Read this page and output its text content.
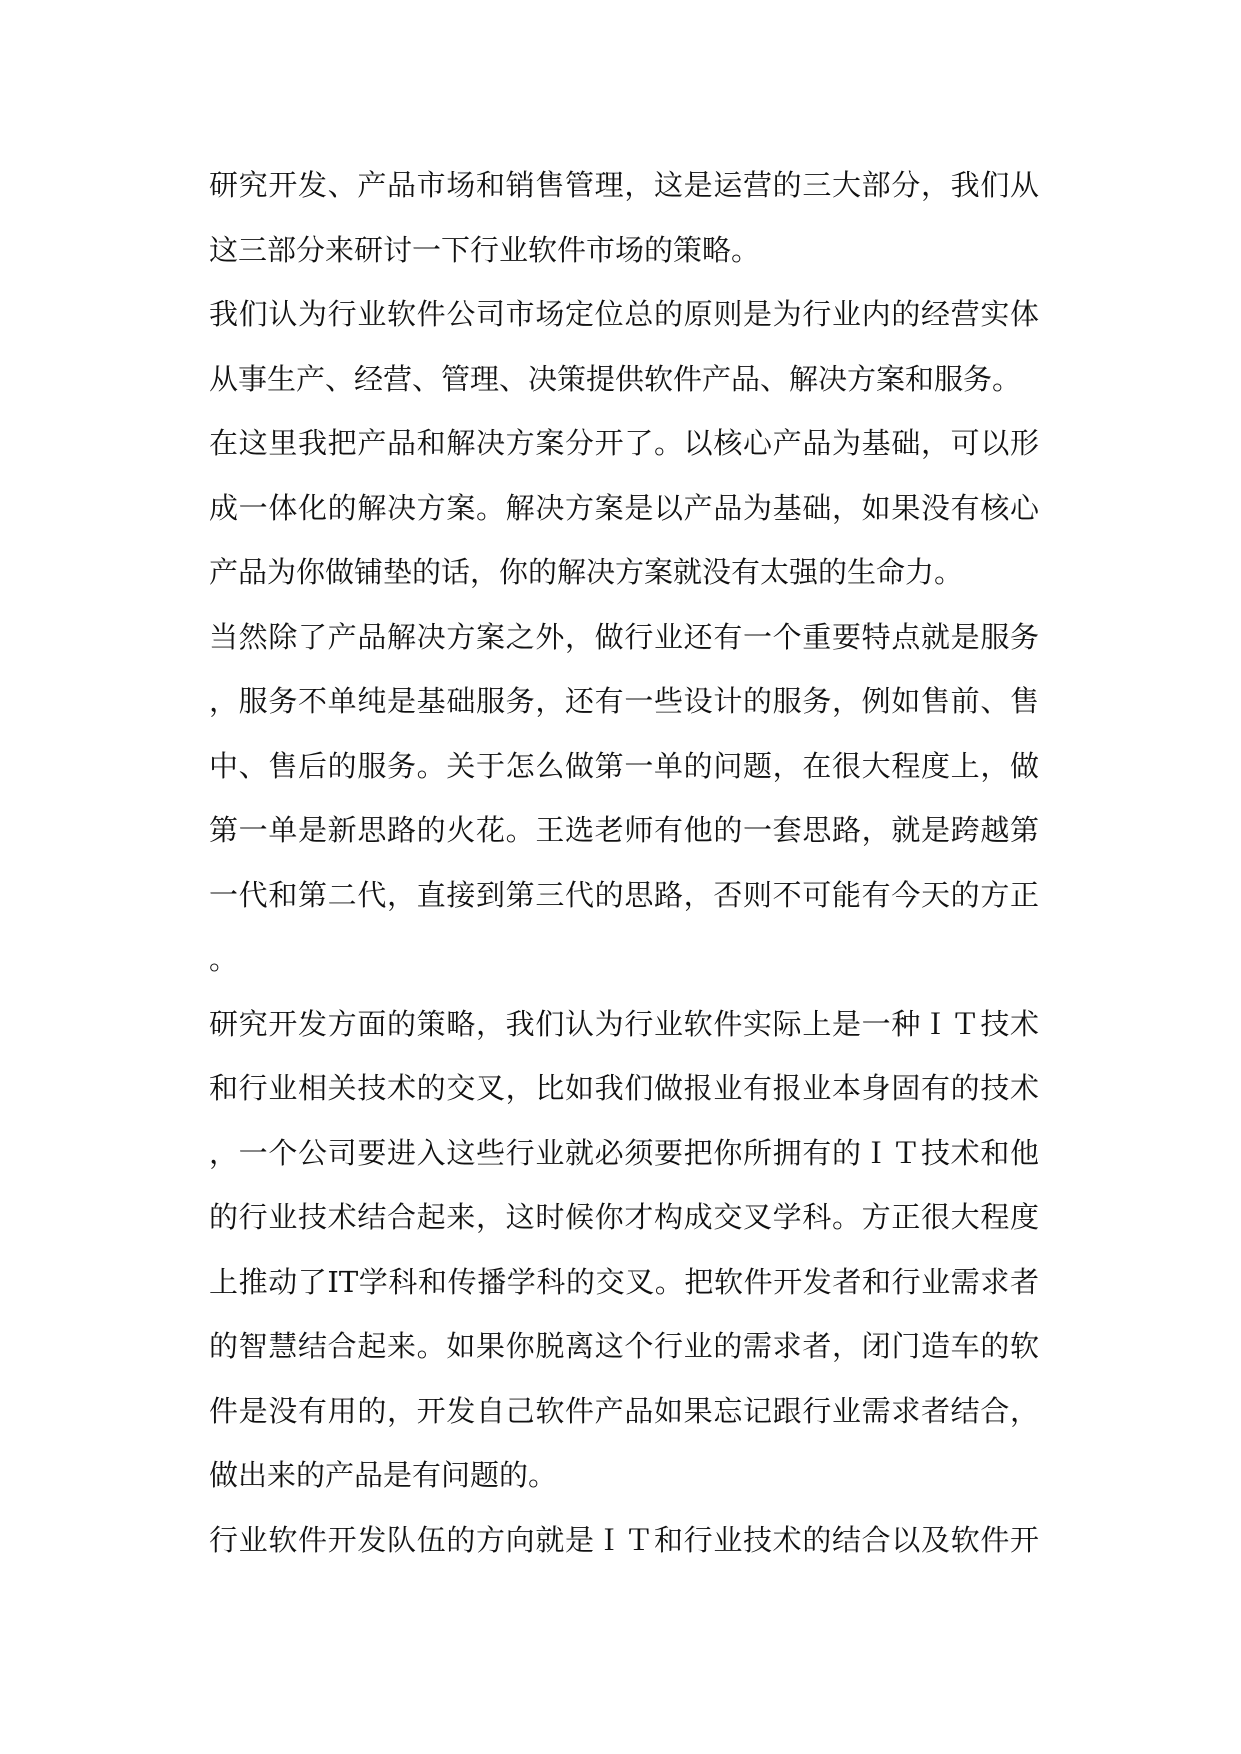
研究开发、产品市场和销售管理，这是运营的三大部分，我们从
这三部分来研讨一下行业软件市场的策略。
我们认为行业软件公司市场定位总的原则是为行业内的经营实体
从事生产、经营、管理、决策提供软件产品、解决方案和服务。
在这里我把产品和解决方案分开了。以核心产品为基础，可以形
成一体化的解决方案。解决方案是以产品为基础，如果没有核心
产品为你做铺垫的话，你的解决方案就没有太强的生命力。
当然除了产品解决方案之外，做行业还有一个重要特点就是服务
，服务不单纯是基础服务，还有一些设计的服务，例如售前、售
中、售后的服务。关于怎么做第一单的问题，在很大程度上，做
第一单是新思路的火花。王选老师有他的一套思路，就是跨越第
一代和第二代，直接到第三代的思路，否则不可能有今天的方正
。
研究开发方面的策略，我们认为行业软件实际上是一种ＩＴ技术
和行业相关技术的交叉，比如我们做报业有报业本身固有的技术
，一个公司要进入这些行业就必须要把你所拥有的ＩＴ技术和他
的行业技术结合起来，这时候你才构成交叉学科。方正很大程度
上推动了IT学科和传播学科的交叉。把软件开发者和行业需求者
的智慧结合起来。如果你脱离这个行业的需求者，闭门造车的软
件是没有用的，开发自己软件产品如果忘记跟行业需求者结合，
做出来的产品是有问题的。
行业软件开发队伍的方向就是ＩＴ和行业技术的结合以及软件开
